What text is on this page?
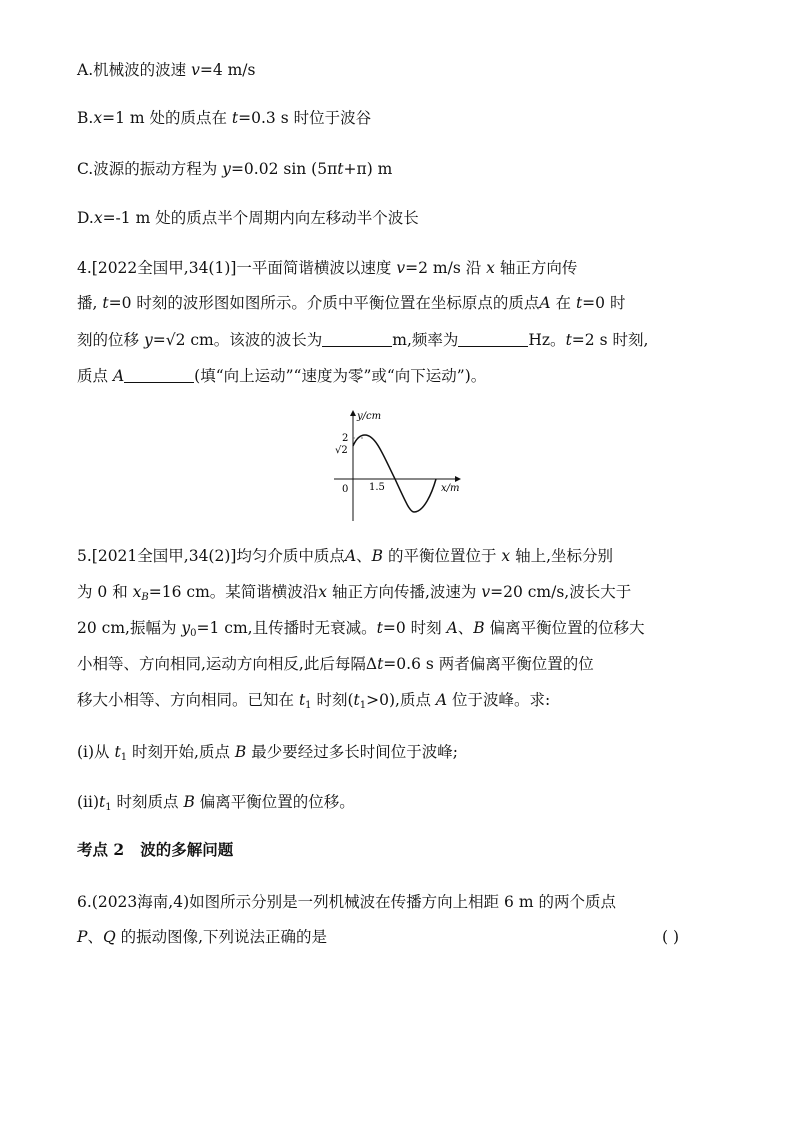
A.机械波的波速 v=4 m/s
B.x=1 m 处的质点在 t=0.3 s 时位于波谷
C.波源的振动方程为 y=0.02 sin (5πt+π) m
D.x=-1 m 处的质点半个周期内向左移动半个波长
4.[2022全国甲,34(1)]一平面简谐横波以速度 v=2 m/s 沿 x 轴正方向传
播, t=0 时刻的波形图如图所示。介质中平衡位置在坐标原点的质点A 在 t=0 时
刻的位移 y=√2 cm。该波的波长为	m,频率为	Hz。t=2 s 时刻,
质点 A	(填“向上运动”“速度为零”或“向下运动”)。
y/cm
x/m
2
√2
0 1.5
5.[2021全国甲,34(2)]均匀介质中质点A、B 的平衡位置位于 x 轴上,坐标分别
为 0 和 $x_B=16$ cm。某简谐横波沿x 轴正方向传播,波速为 v=20 cm/s,波长大于
20 cm,振幅为 $y_0=1$ cm,且传播时无衰减。t=0 时刻 A、B 偏离平衡位置的位移大
小相等、方向相同,运动方向相反,此后每隔Δt=0.6 s 两者偏离平衡位置的位
移大小相等、方向相同。已知在 $t_1$ 时刻$(t_1>0)$,质点 A 位于波峰。求:
(ⅰ)从 $t_1$ 时刻开始,质点 B 最少要经过多长时间位于波峰;
$(ⅱ)t_1$ 时刻质点 B 偏离平衡位置的位移。
考点 2 波的多解问题
6.(2023海南,4)如图所示分别是一列机械波在传播方向上相距 6 m 的两个质点
P、Q 的振动图像,下列说法正确的是	( )
